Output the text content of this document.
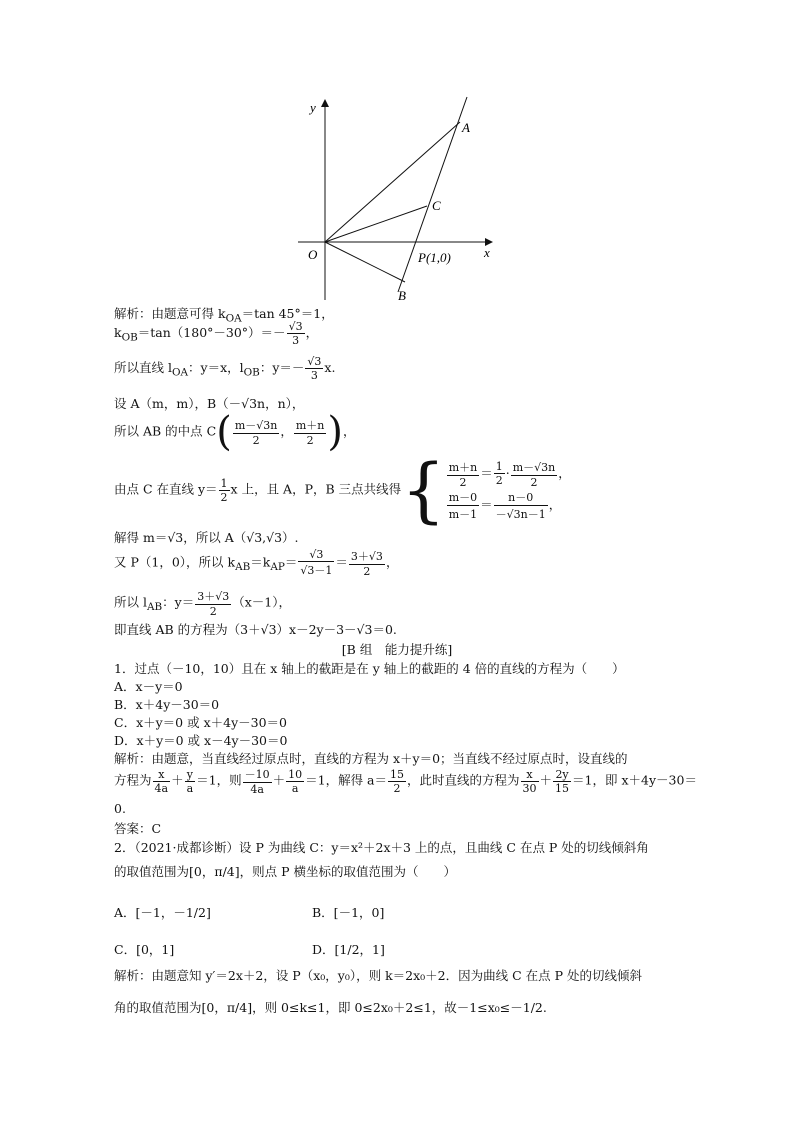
y
x
O
A
B
C
P(1,0)
解析：由题意可得 $k_{OA}=\tan$ 45°＝1，
$k_{OB}=\tan(180^\circ-30^\circ)=- \frac{√3}{3}$ ，
所以直线 $l_{OA}$：y＝x，$l_{OB}$：$y=- \frac{√3}{3} x$.
设 A（m，m），B（－√3n，n），
所以 AB 的中点 $C( \frac{m-√3n}{2}$ ， $\frac{m+n}{2}$ )，
由点 C 在直线 $y= \frac{1}{2}$ x 上，且 A，P，B 三点共线得{ $\frac{m+n}{2} = \frac{1}{2} \cdot \frac{m-√3n}{2}$ ，
$\frac{m-0}{m-1} = \frac{n-0}{-√3n-1}$ ，
解得 m＝√3，所以 A（√3,√3）.
又 P（1，0），所以 $k_{AB}=k_{AP}= \frac{√3}{√3-1} = \frac{3+√3}{2}$ ，
所以 $l_{AB}$：$y= \frac{3+√3}{2} (x-1)$，
即直线 AB 的方程为（3＋√3）x－2y－3－√3＝0.
[B 组　能力提升练]
1．过点（－10，10）且在 x 轴上的截距是在 y 轴上的截距的 4 倍的直线的方程为（　　）
A．x－y＝0
B．x＋4y－30＝0
C．x＋y＝0 或 x＋4y－30＝0
D．x＋y＝0 或 x－4y－30＝0
解析：由题意，当直线经过原点时，直线的方程为 x＋y＝0；当直线不经过原点时，设直线的
方程为 $\frac{x}{4a} + \frac{y}{a} =1$，则 $\frac{-10}{4a} + \frac{10}{a} =1$，解得 $a= \frac{15}{2}$ ，此时直线的方程为 $\frac{x}{30} + \frac{2y}{15} =1$，即 x＋4y－30＝
0.
答案：C
2．（2021·成都诊断）设 P 为曲线 C：y＝x²＋2x＋3 上的点，且曲线 C 在点 P 处的切线倾斜角
的取值范围为[0，π/4]，则点 P 横坐标的取值范围为（　　）
A．[－1，－1/2]	B．[－1，0]
C．[0，1]	D．[1/2，1]
解析：由题意知 y′＝2x＋2，设 P（x₀，y₀），则 k＝2x₀＋2．因为曲线 C 在点 P 处的切线倾斜
角的取值范围为[0，π/4]，则 0≤k≤1，即 0≤2x₀＋2≤1，故－1≤x₀≤－1/2.
